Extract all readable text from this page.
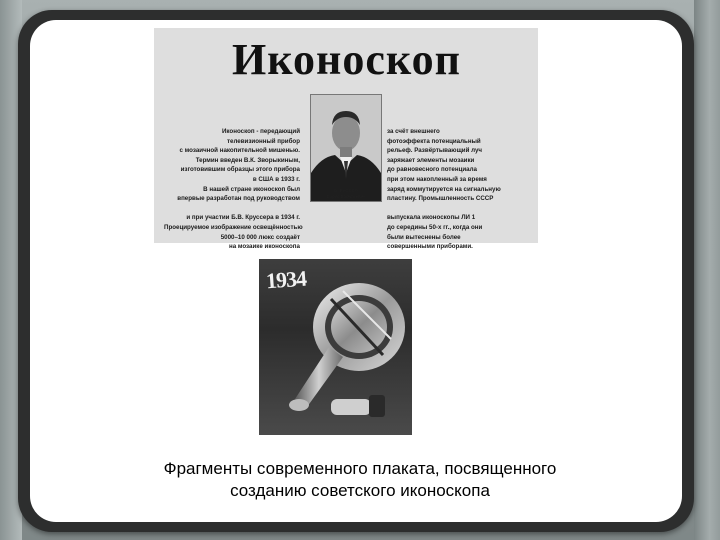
Иконоскоп
Иконоскоп - передающий
телевизионный прибор
с мозаичной накопительной мишенью.
Термин введен В.К. Зворыкиным,
изготовившим образцы этого прибора
в США в 1933 г.
В нашей стране иконоскоп был
впервые разработан под руководством

и при участии Б.В. Круссера в 1934 г.
Проецируемое изображение освещённостью
5000–10 000 люкс создаёт
на мозаике иконоскопа
Б. РУССЕР
Борис Васильевич
за счёт внешнего
фотоэффекта потенциальный
рельеф. Развёртывающий луч
заряжает элементы мозаики
до равновесного потенциала
при этом накопленный за время
заряд коммутируется на сигнальную
пластину. Промышленность СССР

выпускала иконоскопы ЛИ 1
до середины 50-х гг., когда они
были вытеснены более
совершенными приборами.
1934
Фрагменты современного плаката, посвященного
созданию советского иконоскопа
